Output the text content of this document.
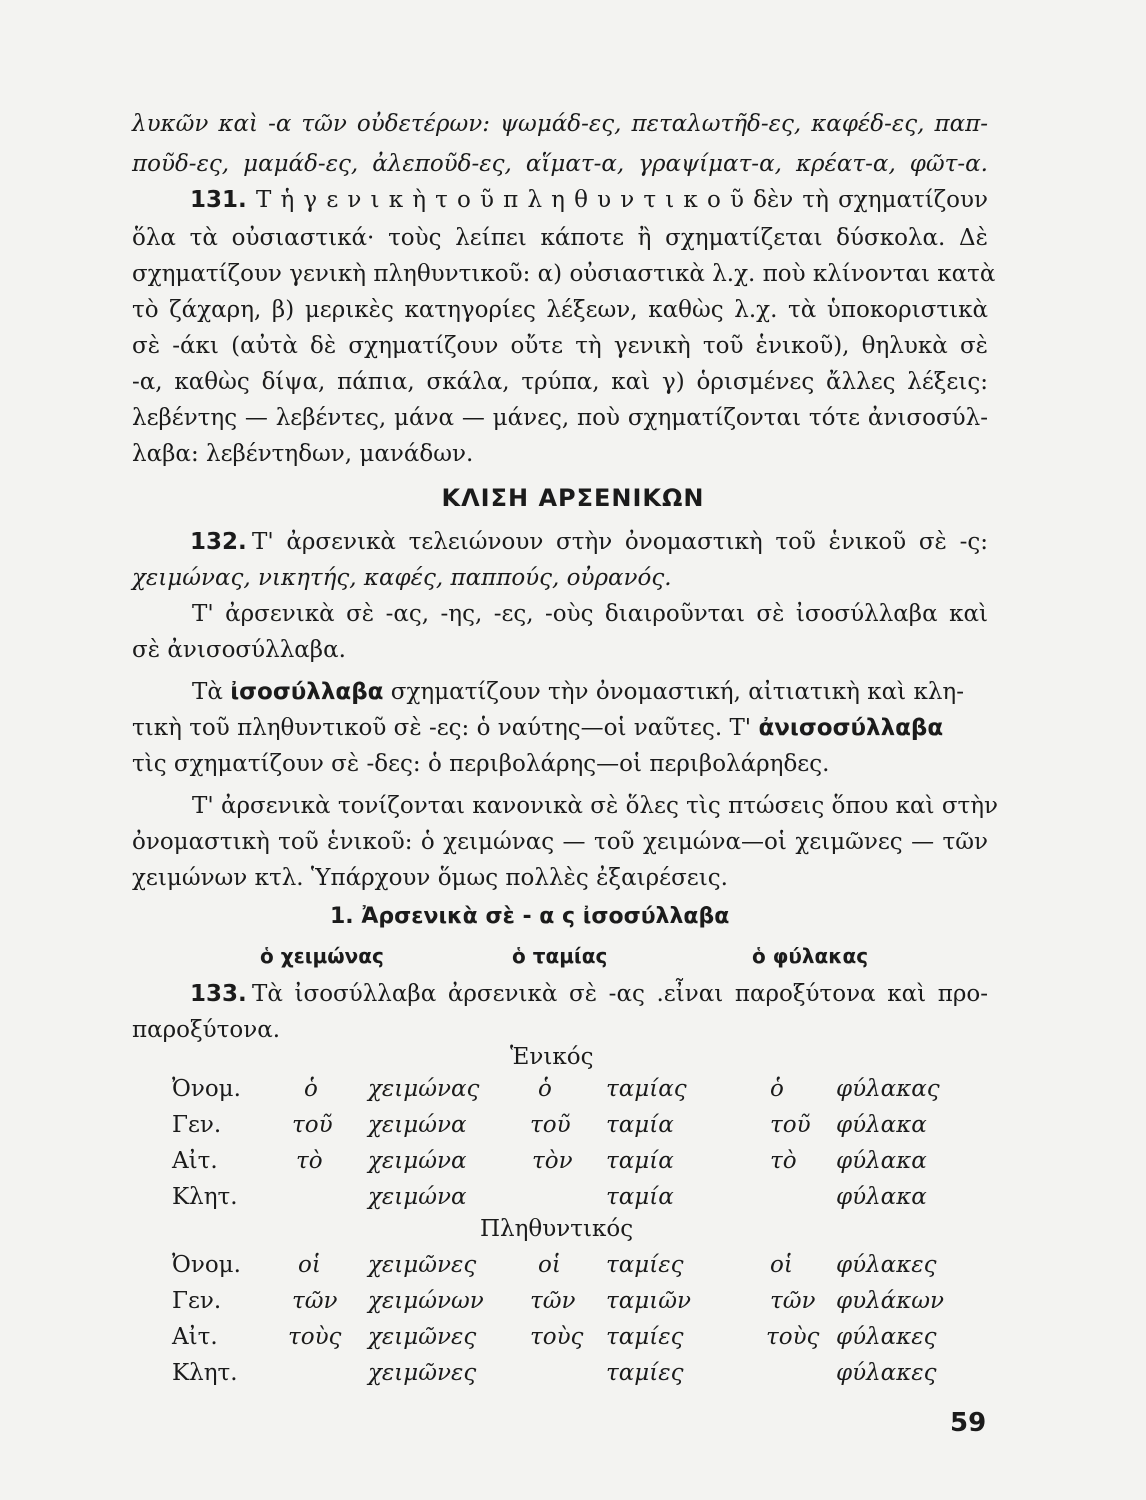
λυκῶν καὶ -α τῶν οὐδετέρων: ψωμάδ-ες, πεταλωτῆδ-ες, καφέδ-ες, παπ-
ποῦδ-ες, μαμάδ-ες, ἀλεποῦδ-ες, αἵματ-α, γραψίματ-α, κρέατ-α, φῶτ-α.
131. Τ ἡ γ ε ν ι κ ὴ τ ο ῦ π λ η θ υ ν τ ι κ ο ῦ δὲν τὴ σχηματίζουν
ὅλα τὰ οὐσιαστικά· τοὺς λείπει κάποτε ἢ σχηματίζεται δύσκολα. Δὲ
σχηματίζουν γενικὴ πληθυντικοῦ: α) οὐσιαστικὰ λ.χ. ποὺ κλίνονται κατὰ
τὸ ζάχαρη, β) μερικὲς κατηγορίες λέξεων, καθὼς λ.χ. τὰ ὑποκοριστικὰ
σὲ -άκι (αὐτὰ δὲ σχηματίζουν οὔτε τὴ γενικὴ τοῦ ἑνικοῦ), θηλυκὰ σὲ
-α, καθὼς δίψα, πάπια, σκάλα, τρύπα, καὶ γ) ὁρισμένες ἄλλες λέξεις:
λεβέντης — λεβέντες, μάνα — μάνες, ποὺ σχηματίζονται τότε ἀνισοσύλ-
λαβα: λεβέντηδων, μανάδων.
ΚΛΙΣΗ ΑΡΣΕΝΙΚΩΝ
132. Τ' ἀρσενικὰ τελειώνουν στὴν ὀνομαστικὴ τοῦ ἑνικοῦ σὲ -ς:
χειμώνας, νικητής, καφές, παππούς, οὐρανός.
Τ' ἀρσενικὰ σὲ -ας, -ης, -ες, -οὺς διαιροῦνται σὲ ἰσοσύλλαβα καὶ
σὲ ἀνισοσύλλαβα.
Τὰ ἰσοσύλλαβα σχηματίζουν τὴν ὀνομαστική, αἰτιατικὴ καὶ κλη-
τικὴ τοῦ πληθυντικοῦ σὲ -ες: ὁ ναύτης—οἱ ναῦτες. Τ' ἀνισοσύλλαβα
τὶς σχηματίζουν σὲ -δες: ὁ περιβολάρης—οἱ περιβολάρηδες.
Τ' ἀρσενικὰ τονίζονται κανονικὰ σὲ ὅλες τὶς πτώσεις ὅπου καὶ στὴν
ὀνομαστικὴ τοῦ ἑνικοῦ: ὁ χειμώνας — τοῦ χειμώνα—οἱ χειμῶνες — τῶν
χειμώνων κτλ. Ὑπάρχουν ὅμως πολλὲς ἐξαιρέσεις.
1. Ἀρσενικὰ σὲ - α ς ἰσοσύλλαβα
ὁ χειμώνας	ὁ ταμίας	ὁ φύλακας
133. Τὰ ἰσοσύλλαβα ἀρσενικὰ σὲ -ας .εἶναι παροξύτονα καὶ προ-
παροξύτονα.
Ἑνικός
Ὀνομ.	ὁ χειμώνας	ὁ ταμίας	ὁ φύλακας
Γεν.	τοῦ χειμώνα	τοῦ ταμία	τοῦ φύλακα
Αἰτ.	τὸ χειμώνα	τὸν ταμία	τὸ φύλακα
Κλητ.	χειμώνα	ταμία	φύλακα
Πληθυντικός
Ὀνομ. οἱ χειμῶνες	οἱ ταμίες	οἱ φύλακες
Γεν.	τῶν χειμώνων τῶν ταμιῶν	τῶν φυλάκων
Αἰτ.	τοὺς χειμῶνες τοὺς ταμίες	τοὺς φύλακες
Κλητ.	χειμῶνες	ταμίες	φύλακες
59
